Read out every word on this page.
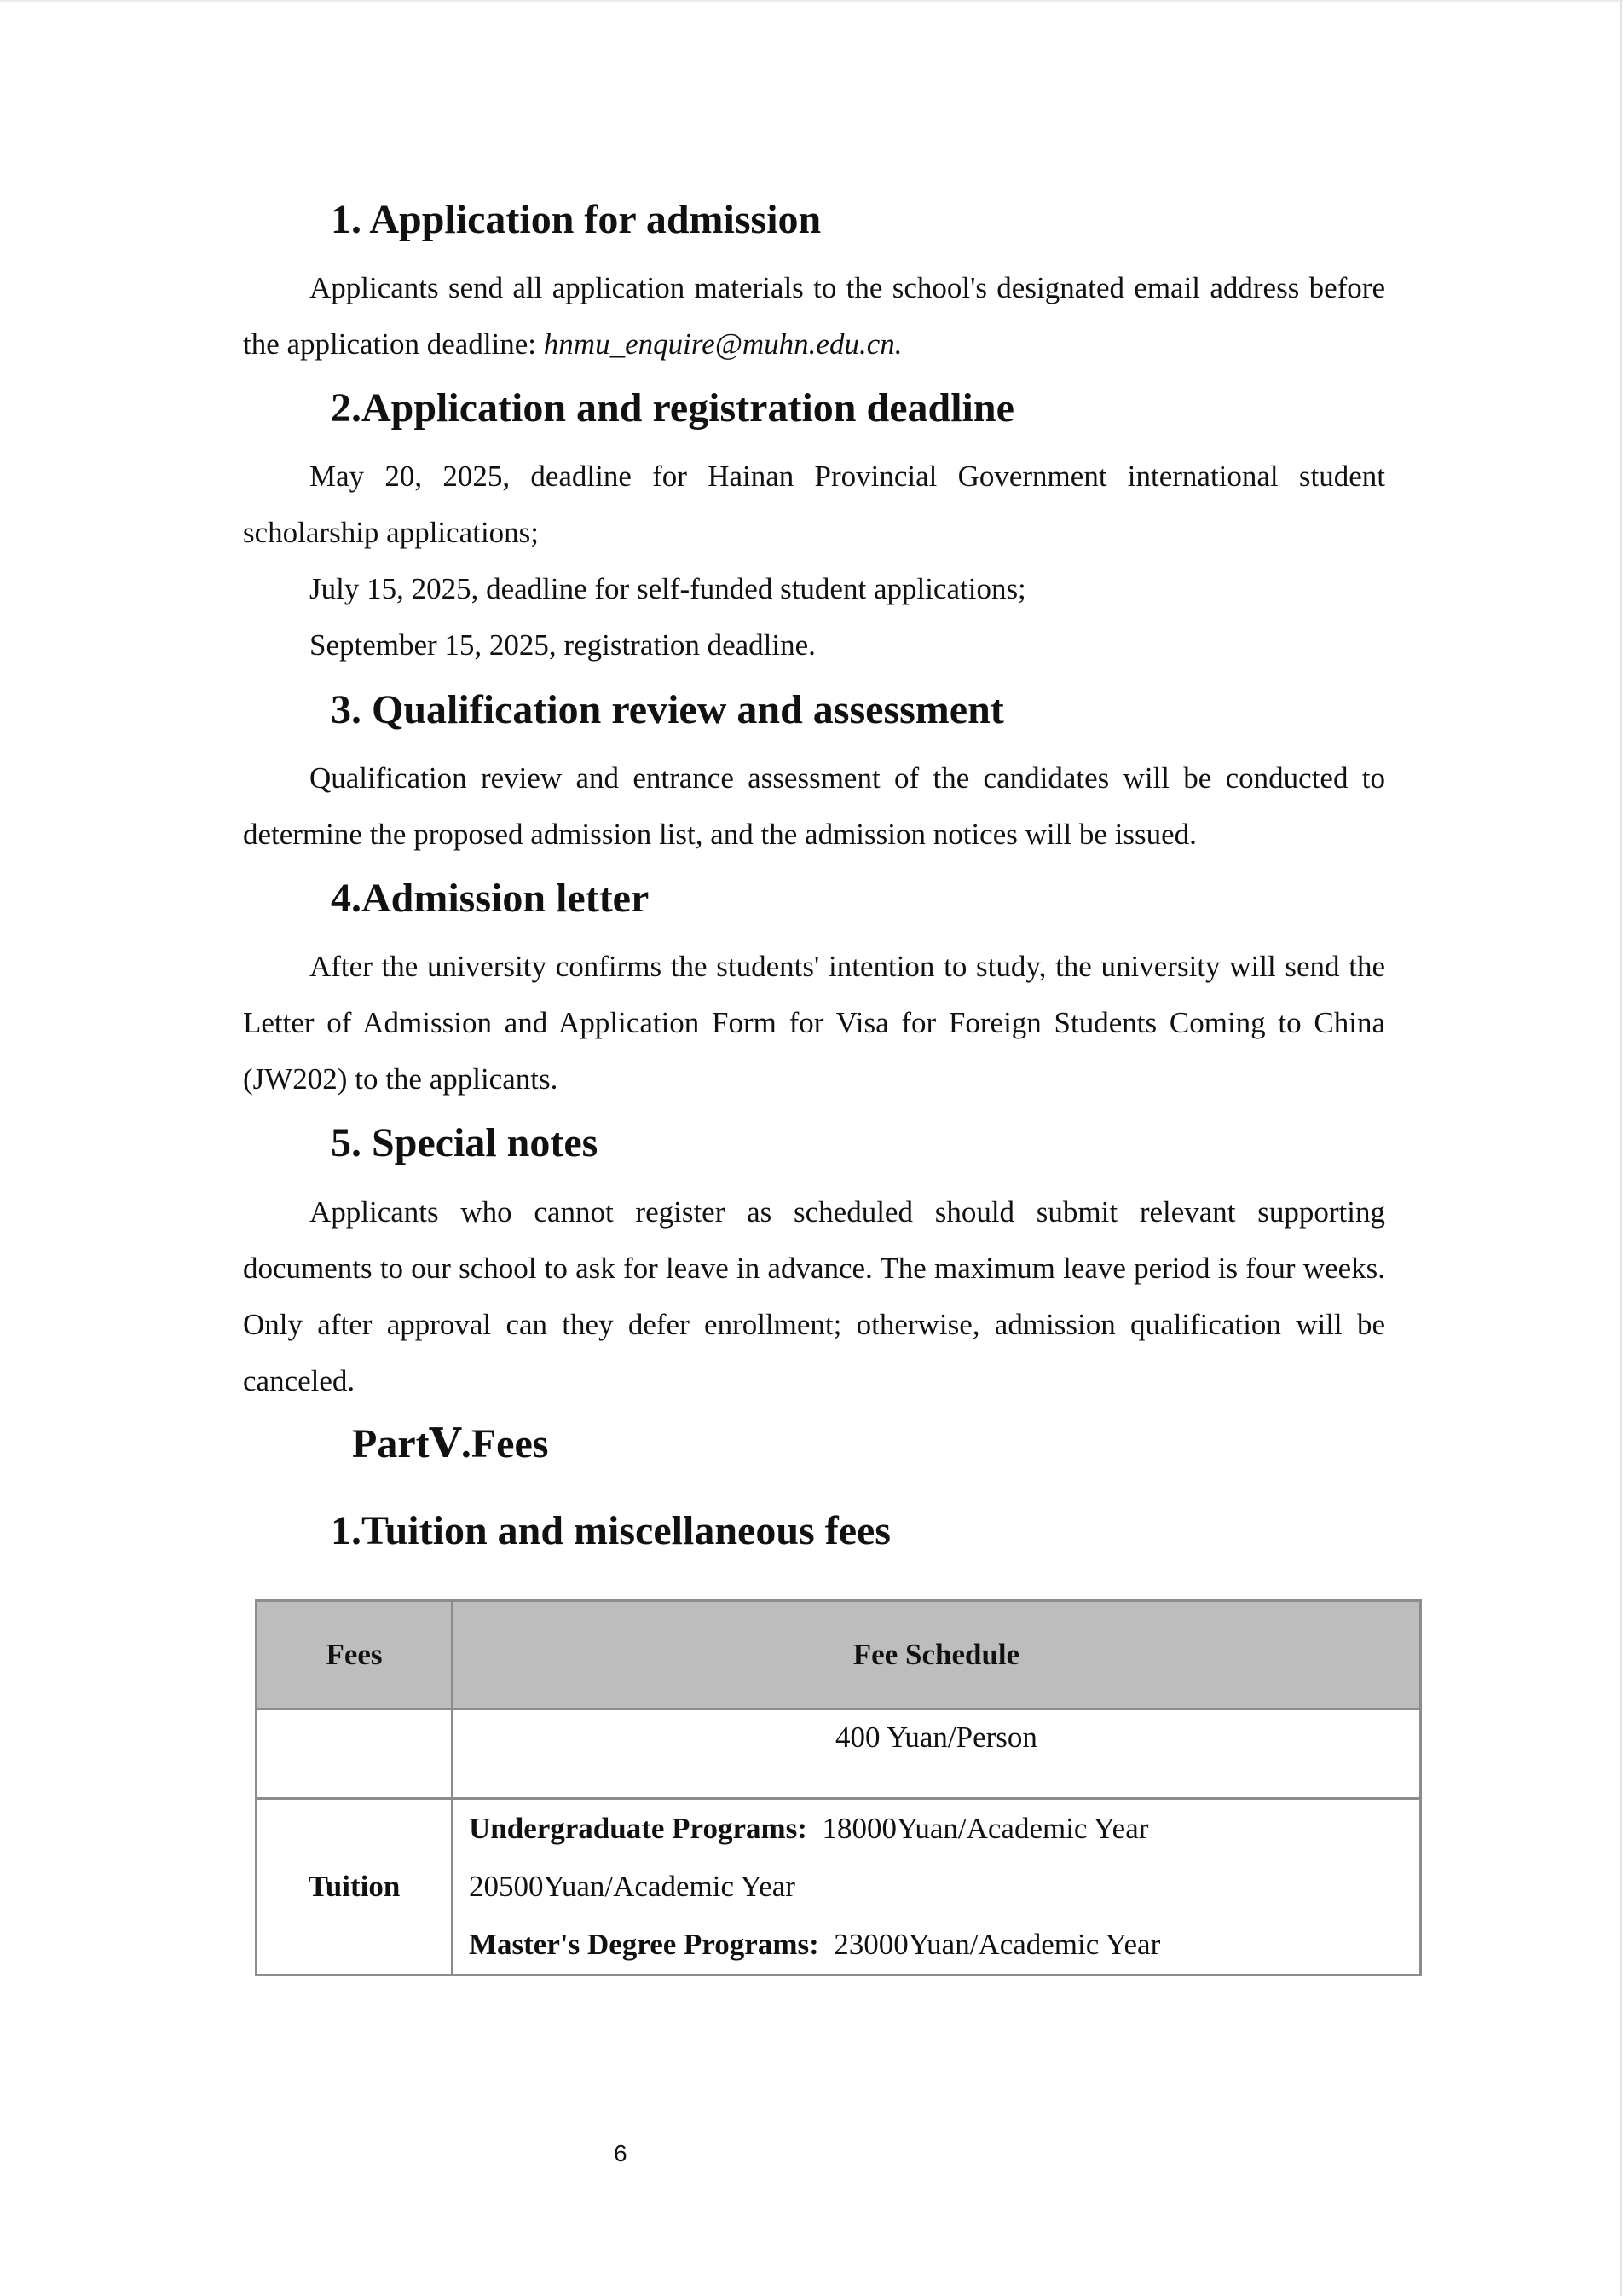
1. Application for admission

Applicants send all application materials to the school's designated email address before the application deadline: hnmu_enquire@muhn.edu.cn.

2.Application and registration deadline

May 20, 2025, deadline for Hainan Provincial Government international student scholarship applications;

July 15, 2025, deadline for self-funded student applications;

September 15, 2025, registration deadline.

3. Qualification review and assessment

Qualification review and entrance assessment of the candidates will be conducted to determine the proposed admission list, and the admission notices will be issued.

4.Admission letter

After the university confirms the students' intention to study, the university will send the Letter of Admission and Application Form for Visa for Foreign Students Coming to China (JW202) to the applicants.

5. Special notes

Applicants who cannot register as scheduled should submit relevant supporting documents to our school to ask for leave in advance. The maximum leave period is four weeks. Only after approval can they defer enrollment; otherwise, admission qualification will be canceled.

PartⅤ.Fees
1.Tuition and miscellaneous fees
Fees	Fee Schedule
	400 Yuan/Person
Tuition	Undergraduate Programs: 18000Yuan/Academic Year
20500Yuan/Academic Year
Master's Degree Programs: 23000Yuan/Academic Year
6
